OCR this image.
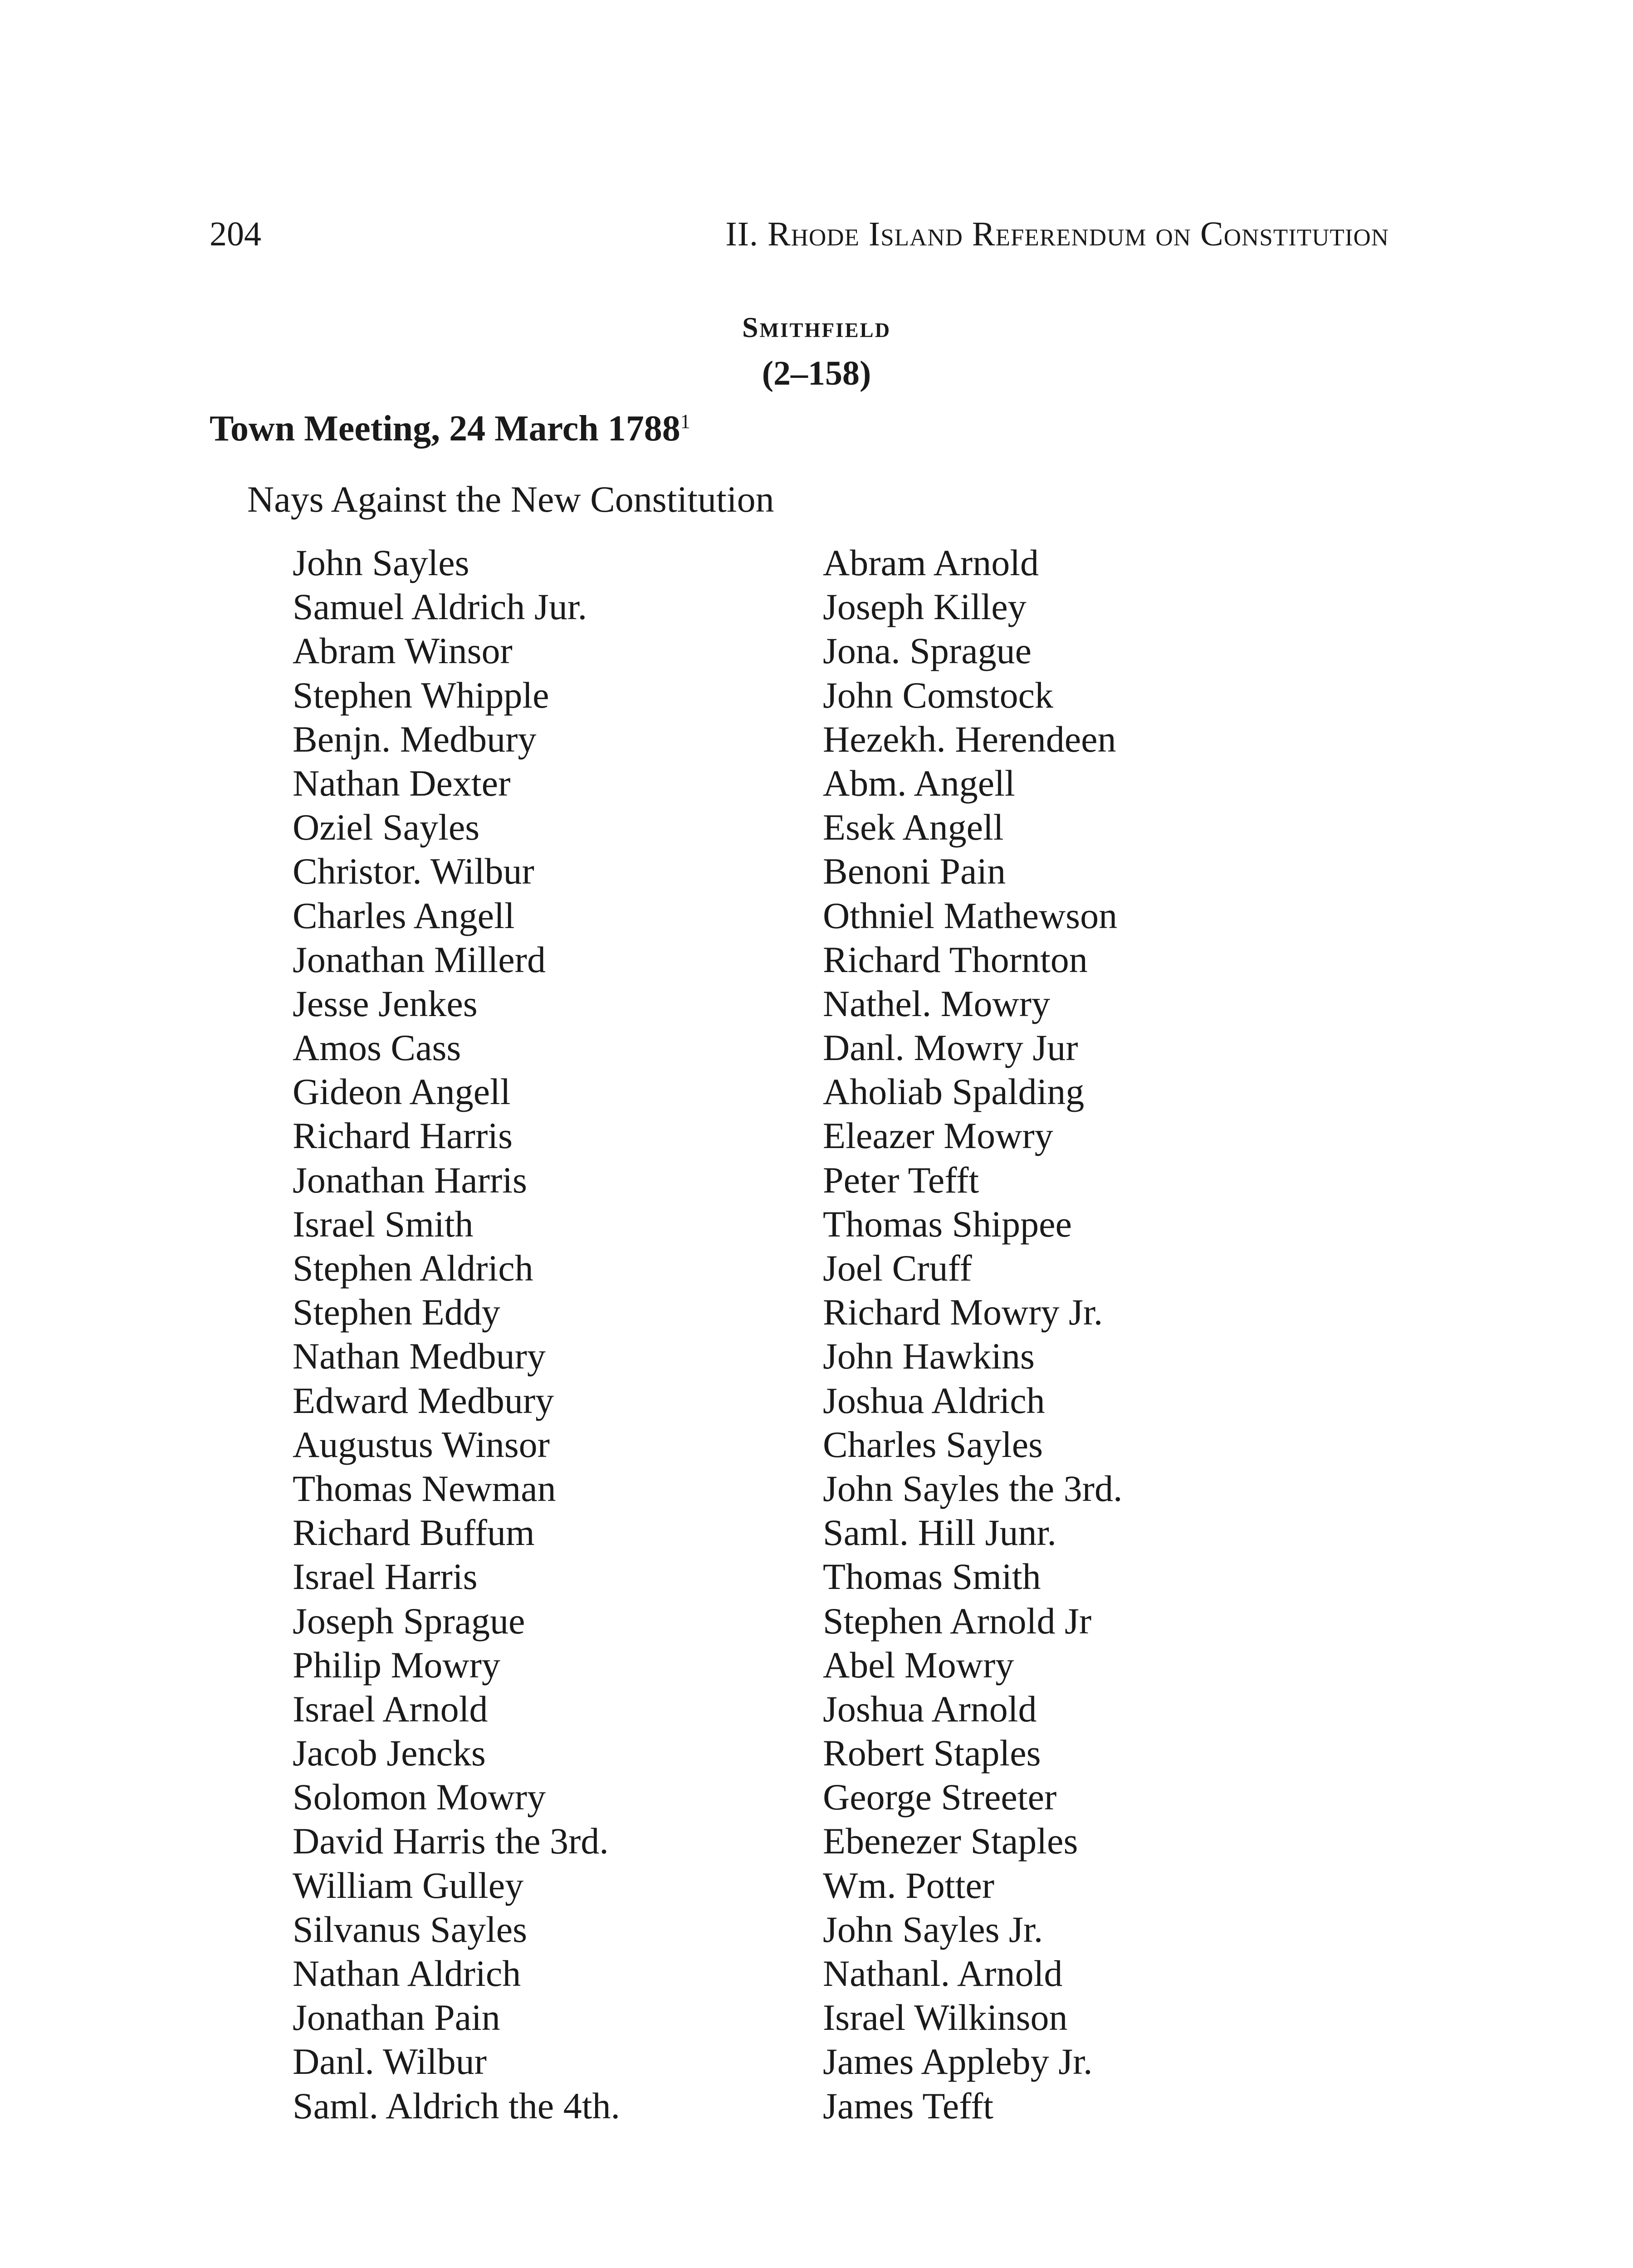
204	II. Rhode Island Referendum on Constitution
Smithfield
(2–158)
Town Meeting, 24 March 1788$^1$
Nays Against the New Constitution
John Sayles
Samuel Aldrich Jur.
Abram Winsor
Stephen Whipple
Benjn. Medbury
Nathan Dexter
Oziel Sayles
Christor. Wilbur
Charles Angell
Jonathan Millerd
Jesse Jenkes
Amos Cass
Gideon Angell
Richard Harris
Jonathan Harris
Israel Smith
Stephen Aldrich
Stephen Eddy
Nathan Medbury
Edward Medbury
Augustus Winsor
Thomas Newman
Richard Buffum
Israel Harris
Joseph Sprague
Philip Mowry
Israel Arnold
Jacob Jencks
Solomon Mowry
David Harris the 3rd.
William Gulley
Silvanus Sayles
Nathan Aldrich
Jonathan Pain
Danl. Wilbur
Saml. Aldrich the 4th.
Abram Arnold
Joseph Killey
Jona. Sprague
John Comstock
Hezekh. Herendeen
Abm. Angell
Esek Angell
Benoni Pain
Othniel Mathewson
Richard Thornton
Nathel. Mowry
Danl. Mowry Jur
Aholiab Spalding
Eleazer Mowry
Peter Tefft
Thomas Shippee
Joel Cruff
Richard Mowry Jr.
John Hawkins
Joshua Aldrich
Charles Sayles
John Sayles the 3rd.
Saml. Hill Junr.
Thomas Smith
Stephen Arnold Jr
Abel Mowry
Joshua Arnold
Robert Staples
George Streeter
Ebenezer Staples
Wm. Potter
John Sayles Jr.
Nathanl. Arnold
Israel Wilkinson
James Appleby Jr.
James Tefft
